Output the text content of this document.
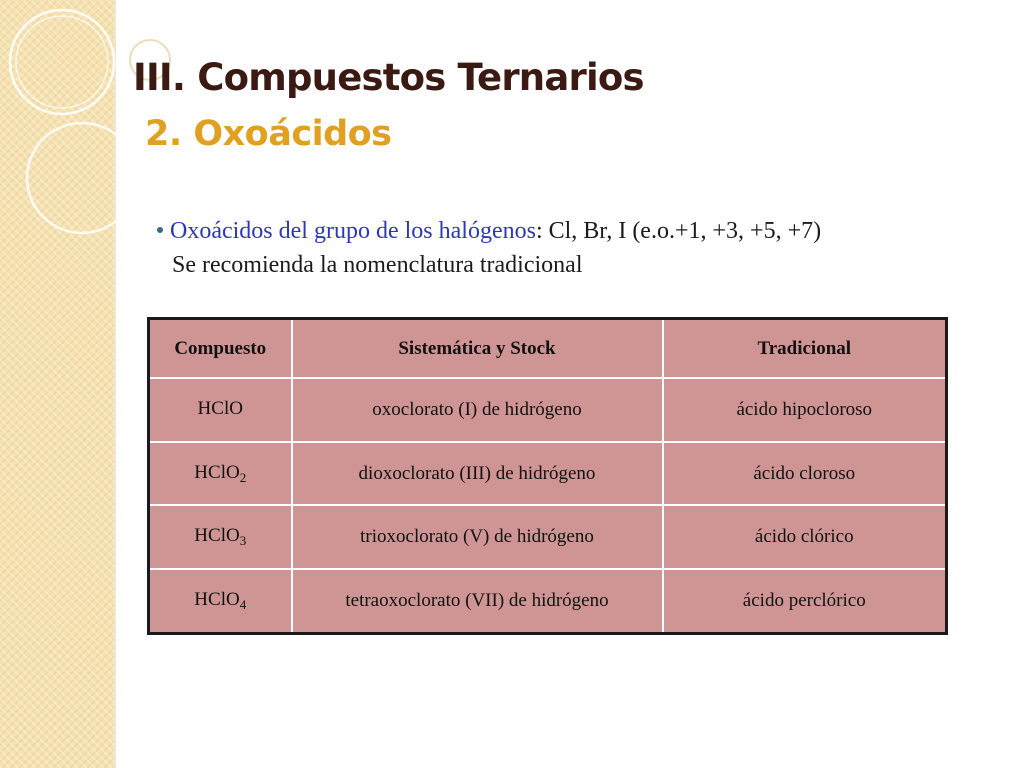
III. Compuestos Ternarios
2. Oxoácidos
Oxoácidos del grupo de los halógenos: Cl, Br, I (e.o.+1, +3, +5, +7)
Se recomienda la nomenclatura tradicional
Compuesto	Sistemática y Stock	Tradicional
HClO	oxoclorato (I) de hidrógeno	ácido hipocloroso
HClO$_2$	dioxoclorato (III) de hidrógeno	ácido cloroso
HClO$_3$	trioxoclorato (V) de hidrógeno	ácido clórico
HClO$_4$	tetraoxoclorato (VII) de hidrógeno	ácido perclórico
